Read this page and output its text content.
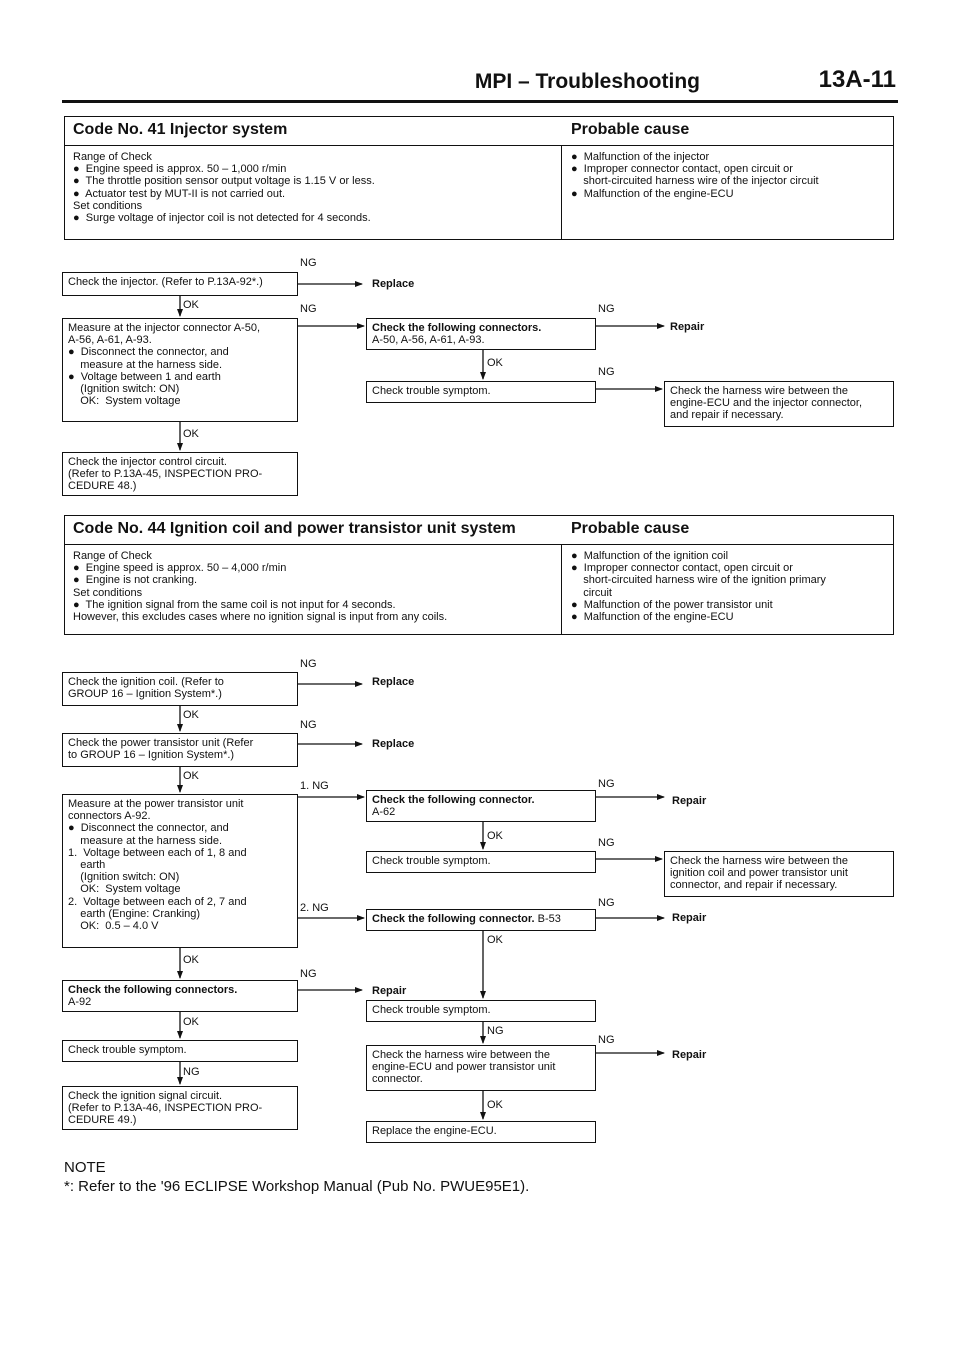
MPI – Troubleshooting	13A-11
Code No. 41 Injector system	Probable cause
Range of Check
●  Engine speed is approx. 50 – 1,000 r/min
●  The throttle position sensor output voltage is 1.15 V or less.
●  Actuator test by MUT-II is not carried out.
Set conditions
●  Surge voltage of injector coil is not detected for 4 seconds.
●  Malfunction of the injector
●  Improper connector contact, open circuit or
short-circuited harness wire of the injector circuit
●  Malfunction of the engine-ECU
Check the injector. (Refer to P.13A-92*.)	Replace
Measure at the injector connector A-50,
A-56, A-61, A-93.
●  Disconnect the connector, and
measure at the harness side.
●  Voltage between 1 and earth
(Ignition switch: ON)
OK:  System voltage
Check the following connectors.
A-50, A-56, A-61, A-93.
Repair
Check trouble symptom.	Check the harness wire between the
engine-ECU and the injector connector,
and repair if necessary.
Check the injector control circuit.
(Refer to P.13A-45, INSPECTION PRO-
CEDURE 48.)
Code No. 44 Ignition coil and power transistor unit system	Probable cause
Range of Check
●  Engine speed is approx. 50 – 4,000 r/min
●  Engine is not cranking.
Set conditions
●  The ignition signal from the same coil is not input for 4 seconds.
However, this excludes cases where no ignition signal is input from any coils.
●  Malfunction of the ignition coil
●  Improper connector contact, open circuit or
short-circuited harness wire of the ignition primary
circuit
●  Malfunction of the power transistor unit
●  Malfunction of the engine-ECU
Check the ignition coil. (Refer to
GROUP 16 – Ignition System*.)
Replace
Check the power transistor unit (Refer
to GROUP 16 – Ignition System*.)
Replace
Measure at the power transistor unit
connectors A-92.
●  Disconnect the connector, and
measure at the harness side.
1.  Voltage between each of 1, 8 and
earth
(Ignition switch: ON)
OK:  System voltage
2.  Voltage between each of 2, 7 and
earth (Engine: Cranking)
OK:  0.5 – 4.0 V
Check the following connector.
A-62
Repair
Check trouble symptom.	Check the harness wire between the
ignition coil and power transistor unit
connector, and repair if necessary.
Check the following connector. B-53	Repair
Check the following connectors.
A-92
Repair
Check trouble symptom.
Check trouble symptom.	Check the harness wire between the
engine-ECU and power transistor unit
connector.
Repair
Check the ignition signal circuit.
(Refer to P.13A-46, INSPECTION PRO-
CEDURE 49.)
Replace the engine-ECU.
NG
OK	NG	NG
OK
NG
OK
NG
OK
NG
OK
1. NG	NG
OK
NG
2. NG	NG
OK
OK
NG
OK
NG
NG
NG
OK
NOTE
*: Refer to the '96 ECLIPSE Workshop Manual (Pub No. PWUE95E1).
